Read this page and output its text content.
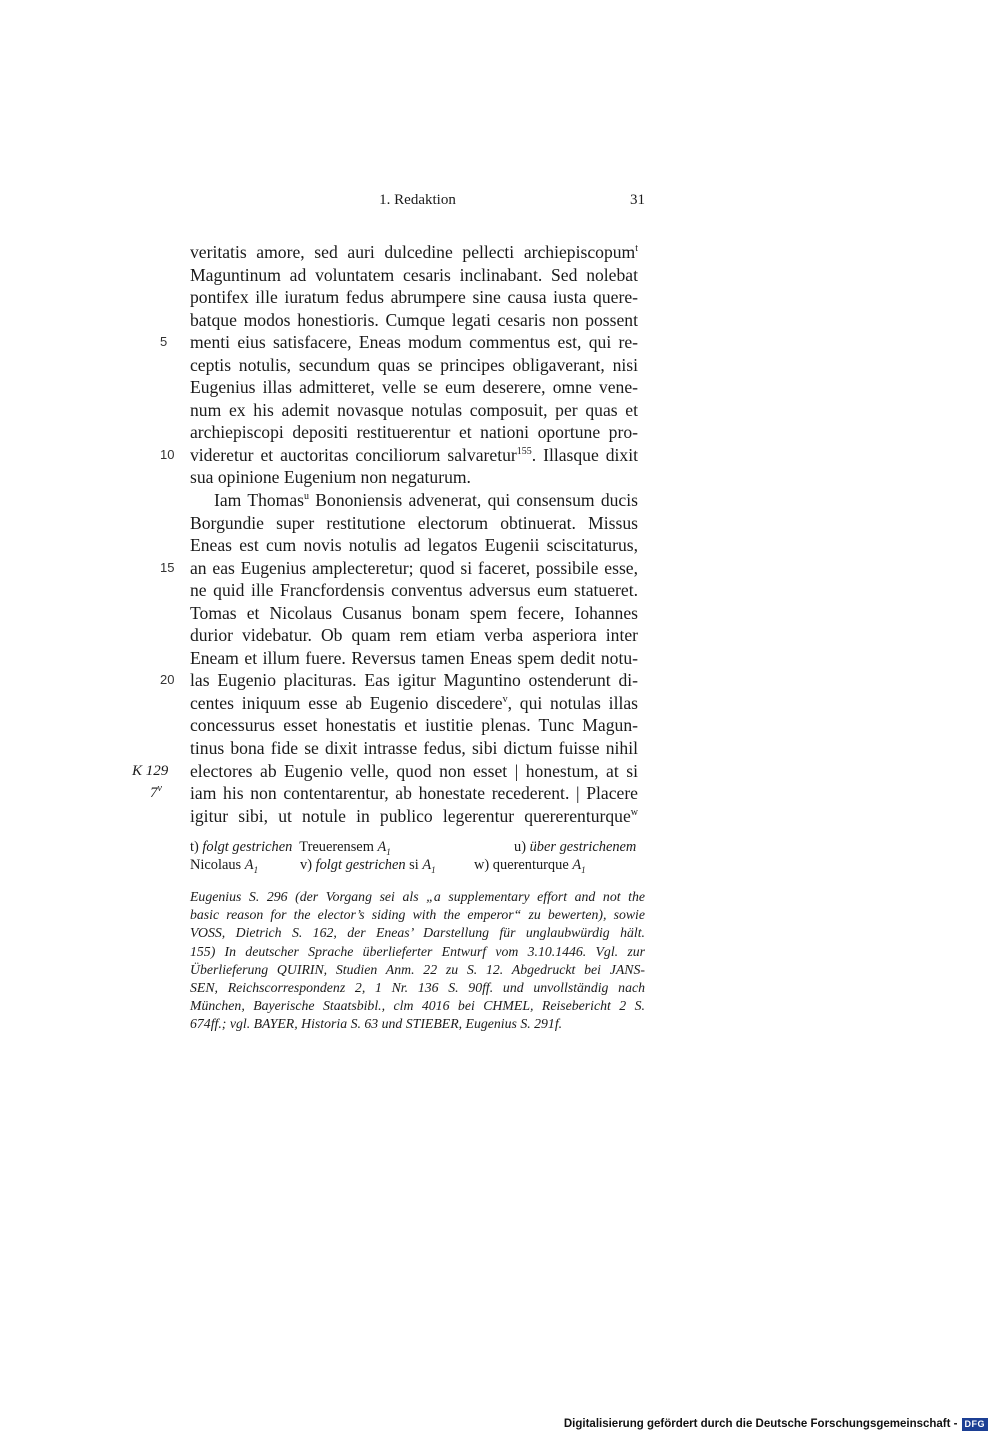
1. Redaktion	31
veritatis amore, sed auri dulcedine pellecti archiepiscopum$^t$
Maguntinum ad voluntatem cesaris inclinabant. Sed nolebat
pontifex ille iuratum fedus abrumpere sine causa iusta quere-
batque modos honestioris. Cumque legati cesaris non possent
5	menti eius satisfacere, Eneas modum commentus est, qui re-
ceptis notulis, secundum quas se principes obligaverant, nisi
Eugenius illas admitteret, velle se eum deserere, omne vene-
num ex his ademit novasque notulas composuit, per quas et
archiepiscopi depositi restituerentur et nationi oportune pro-
10 videretur et auctoritas conciliorum salvaretur$^{155}$. Illasque dixit
sua opinione Eugenium non negaturum.
Iam Thomas$^u$ Bononiensis advenerat, qui consensum ducis
Borgundie super restitutione electorum obtinuerat. Missus
Eneas est cum novis notulis ad legatos Eugenii sciscitaturus,
15 an eas Eugenius amplecteretur; quod si faceret, possibile esse,
ne quid ille Francfordensis conventus adversus eum statueret.
Tomas et Nicolaus Cusanus bonam spem fecere, Iohannes
durior videbatur. Ob quam rem etiam verba asperiora inter
Eneam et illum fuere. Reversus tamen Eneas spem dedit notu-
20 las Eugenio placituras. Eas igitur Maguntino ostenderunt di-
centes iniquum esse ab Eugenio discedere$^v$, qui notulas illas
concessurus esset honestatis et iustitie plenas. Tunc Magun-
tinus bona fide se dixit intrasse fedus, sibi dictum fuisse nihil
K 129 electores ab Eugenio velle, quod non esset | honestum, at si
7$^v$ iam his non contentarentur, ab honestate recederent. | Placere
igitur sibi, ut notule in publico legerentur quererenturque$^w$
t) folgt gestrichen Treuerensem $A_1$	u) über gestrichenem
Nicolaus $A_1$	v) folgt gestrichen si $A_1$	w) querenturque $A_1$
Eugenius S. 296 (der Vorgang sei als „a supplementary effort and not the
basic reason for the elector’s siding with the emperor“ zu bewerten), sowie
VOSS, Dietrich S. 162, der Eneas’ Darstellung für unglaubwürdig hält.
155) In deutscher Sprache überlieferter Entwurf vom 3.10.1446. Vgl. zur
Überlieferung QUIRIN, Studien Anm. 22 zu S. 12. Abgedruckt bei JANS-
SEN, Reichscorrespondenz 2, 1 Nr. 136 S. 90ff. und unvollständig nach
München, Bayerische Staatsbibl., clm 4016 bei CHMEL, Reisebericht 2 S.
674ff.; vgl. BAYER, Historia S. 63 und STIEBER, Eugenius S. 291f.
Digitalisierung gefördert durch die Deutsche Forschungsgemeinschaft - DFG
